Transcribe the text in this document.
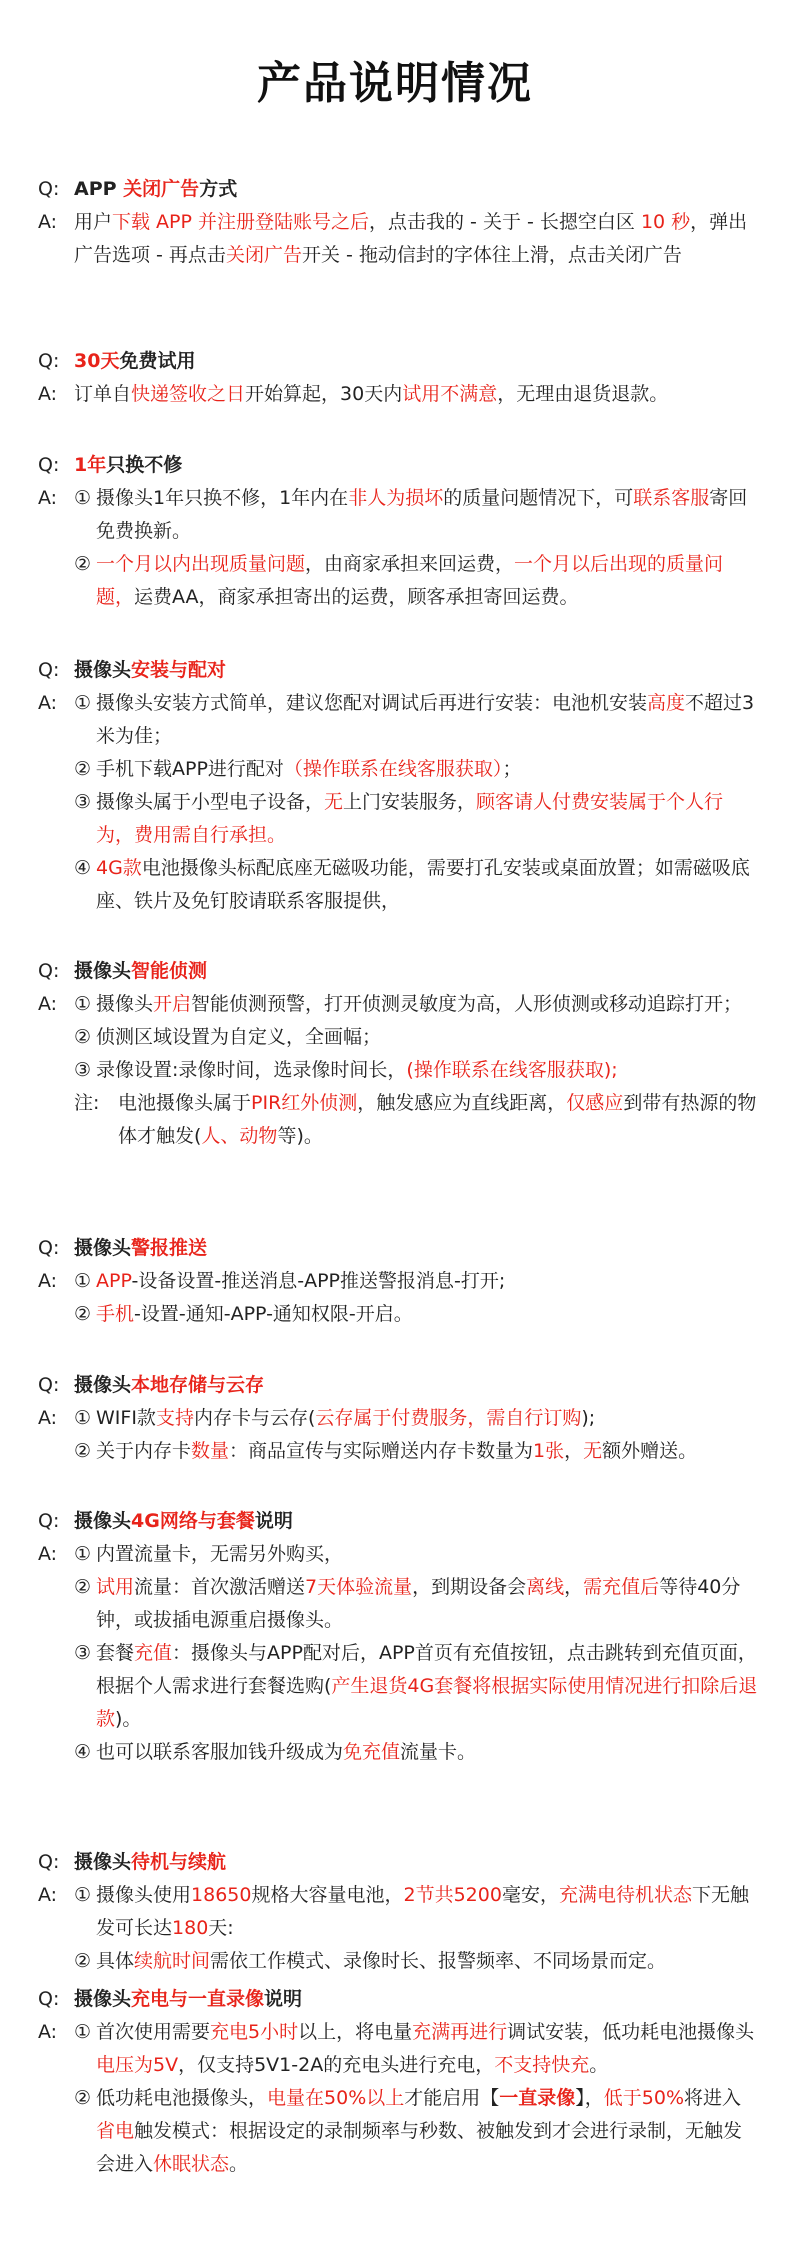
产品说明情况
Q: APP 关闭广告方式
A: 用户下载 APP 并注册登陆账号之后，点击我的 - 关于 - 长摁空白区 10 秒，弹出广告选项 - 再点击关闭广告开关 - 拖动信封的字体往上滑，点击关闭广告
Q: 30天免费试用
A: 订单自快递签收之日开始算起，30天内试用不满意，无理由退货退款。
Q: 1年只换不修
A: ① 摄像头1年只换不修，1年内在非人为损坏的质量问题情况下，可联系客服寄回免费换新。
② 一个月以内出现质量问题，由商家承担来回运费，一个月以后出现的质量问题，运费AA，商家承担寄出的运费，顾客承担寄回运费。
Q: 摄像头安装与配对
A: ① 摄像头安装方式简单，建议您配对调试后再进行安装：电池机安装高度不超过3米为佳；
② 手机下载APP进行配对（操作联系在线客服获取）；
③ 摄像头属于小型电子设备，无上门安装服务，顾客请人付费安装属于个人行为，费用需自行承担。
④ 4G款电池摄像头标配底座无磁吸功能，需要打孔安装或桌面放置；如需磁吸底座、铁片及免钉胶请联系客服提供，
Q: 摄像头智能侦测
A: ① 摄像头开启智能侦测预警，打开侦测灵敏度为高，人形侦测或移动追踪打开；
② 侦测区域设置为自定义，全画幅；
③ 录像设置:录像时间，选录像时间长，(操作联系在线客服获取);
注: 电池摄像头属于PIR红外侦测，触发感应为直线距离，仅感应到带有热源的物体才触发(人、动物等)。
Q: 摄像头警报推送
A: ① APP-设备设置-推送消息-APP推送警报消息-打开;
② 手机-设置-通知-APP-通知权限-开启。
Q: 摄像头本地存储与云存
A: ① WIFI款支持内存卡与云存(云存属于付费服务，需自行订购);
② 关于内存卡数量：商品宣传与实际赠送内存卡数量为1张，无额外赠送。
Q: 摄像头4G网络与套餐说明
A: ① 内置流量卡，无需另外购买，
② 试用流量：首次激活赠送7天体验流量，到期设备会离线，需充值后等待40分钟，或拔插电源重启摄像头。
③ 套餐充值：摄像头与APP配对后，APP首页有充值按钮，点击跳转到充值页面，根据个人需求进行套餐选购(产生退货4G套餐将根据实际使用情况进行扣除后退款)。
④ 也可以联系客服加钱升级成为免充值流量卡。
Q: 摄像头待机与续航
A: ① 摄像头使用18650规格大容量电池，2节共5200毫安，充满电待机状态下无触发可长达180天:
② 具体续航时间需依工作模式、录像时长、报警频率、不同场景而定。
Q: 摄像头充电与一直录像说明
A: ① 首次使用需要充电5小时以上，将电量充满再进行调试安装，低功耗电池摄像头电压为5V，仅支持5V1-2A的充电头进行充电，不支持快充。
② 低功耗电池摄像头，电量在50%以上才能启用【一直录像】，低于50%将进入省电触发模式：根据设定的录制频率与秒数、被触发到才会进行录制，无触发会进入休眠状态。
